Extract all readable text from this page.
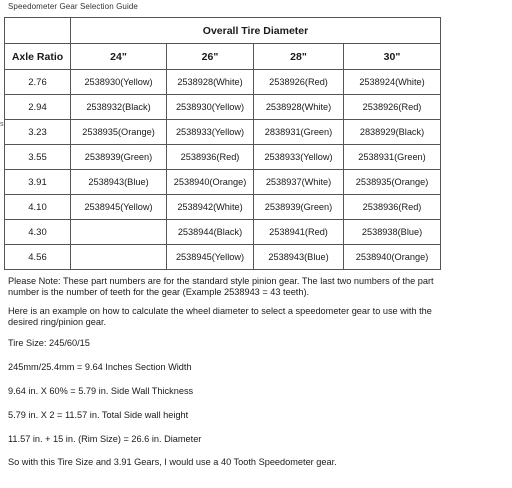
Speedometer Gear Selection Guide
s
	Overall Tire Diameter			
Axle Ratio	24"	26"	28"	30"
2.76	2538930(Yellow)	2538928(White)	2538926(Red)	2538924(White)
2.94	2538932(Black)	2538930(Yellow)	2538928(White)	2538926(Red)
3.23	2538935(Orange)	2538933(Yellow)	2838931(Green)	2838929(Black)
3.55	2538939(Green)	2538936(Red)	2538933(Yellow)	2538931(Green)
3.91	2538943(Blue)	2538940(Orange)	2538937(White)	2538935(Orange)
4.10	2538945(Yellow)	2538942(White)	2538939(Green)	2538936(Red)
4.30		2538944(Black)	2538941(Red)	2538938(Blue)
4.56		2538945(Yellow)	2538943(Blue)	2538940(Orange)

Please Note: These part numbers are for the standard style pinion gear. The last two numbers of the part number is the number of teeth for the gear (Example 2538943 = 43 teeth).

Here is an example on how to calculate the wheel diameter to select a speedometer gear to use with the desired ring/pinion gear.

Tire Size: 245/60/15

245mm/25.4mm = 9.64 Inches Section Width

9.64 in. X 60% = 5.79 in. Side Wall Thickness

5.79 in. X 2 = 11.57 in. Total Side wall height

11.57 in. + 15 in. (Rim Size) = 26.6 in. Diameter

So with this Tire Size and 3.91 Gears, I would use a 40 Tooth Speedometer gear.
